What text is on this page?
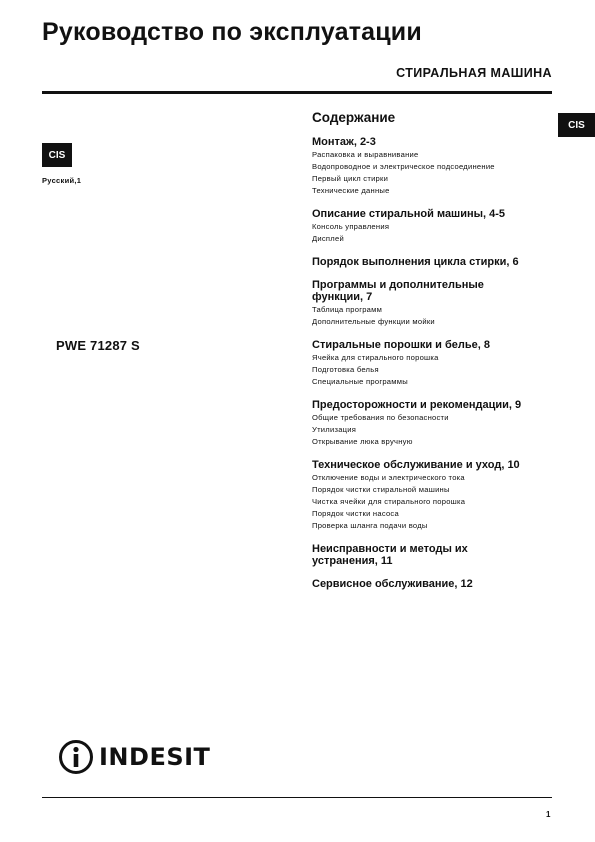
Руководство по эксплуатации
СТИРАЛЬНАЯ МАШИНА
CIS
CIS
Русский,1
PWE 71287 S
Содержание
Монтаж, 2-3
Распаковка и выравнивание
Водопроводное и электрическое подсоединение
Первый цикл стирки
Технические данные
Описание стиральной машины, 4-5
Консоль управления
Дисплей
Порядок выполнения цикла стирки, 6
Программы и дополнительные
функции, 7
Таблица программ
Дополнительные функции мойки
Стиральные порошки и белье, 8
Ячейка для стирального порошка
Подготовка белья
Специальные программы
Предосторожности и рекомендации, 9
Общие требования по безопасности
Утилизация
Открывание люка вручную
Техническое обслуживание и уход, 10
Отключение воды и электрического тока
Порядок чистки стиральной машины
Чистка ячейки для стирального порошка
Порядок чистки насоса
Проверка шланга подачи воды
Неисправности и методы их
устранения, 11
Сервисное обслуживание, 12
INDESIT
1
